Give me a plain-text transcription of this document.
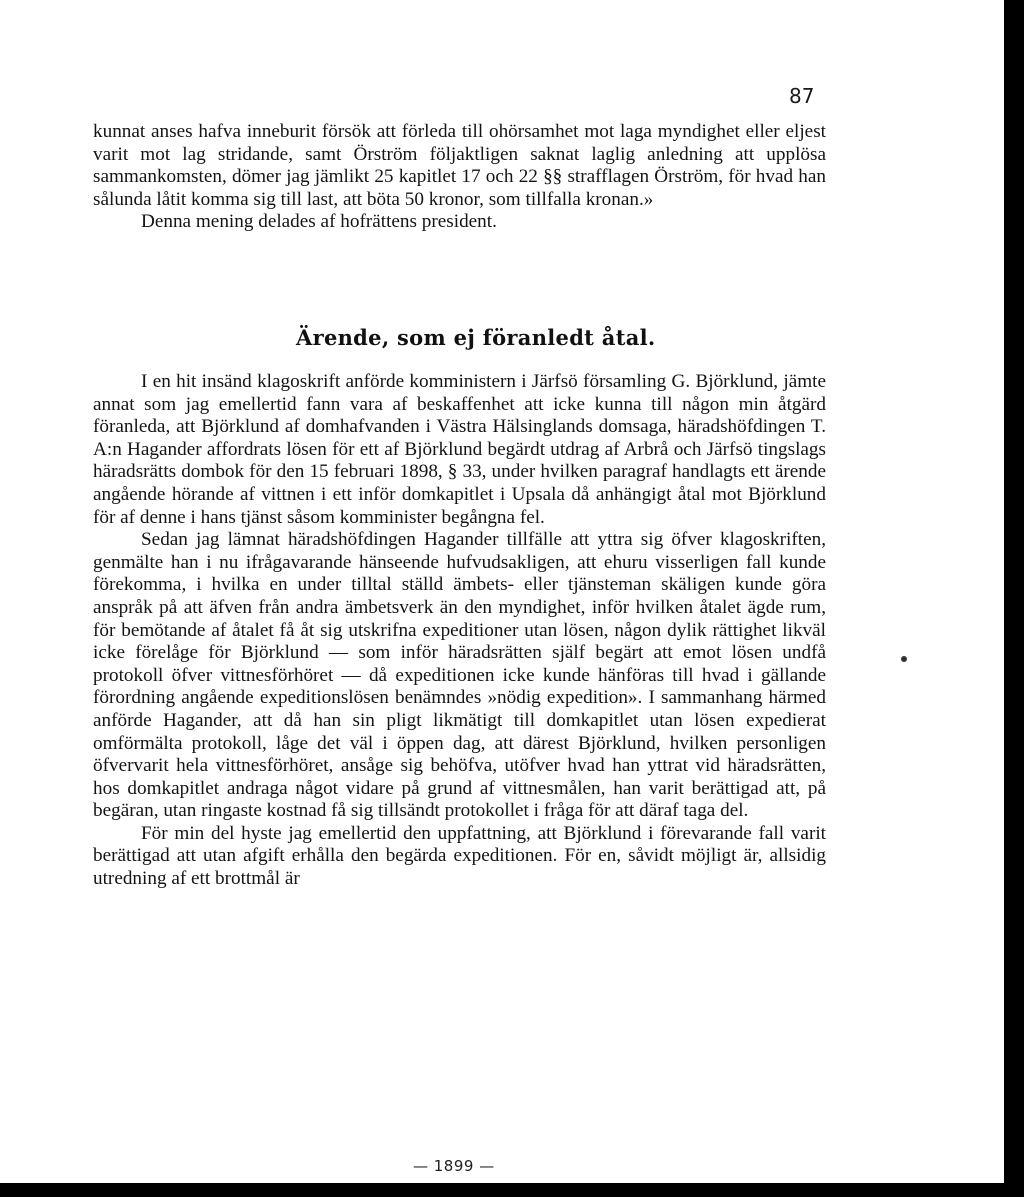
87

kunnat anses hafva inneburit försök att förleda till ohörsamhet mot laga myndighet eller eljest varit mot lag stridande, samt Örström följaktligen saknat laglig anledning att upplösa sammankomsten, dömer jag jämlikt 25 kapitlet 17 och 22 §§ strafflagen Örström, för hvad han sålunda låtit komma sig till last, att böta 50 kronor, som tillfalla kronan.»

Denna mening delades af hofrättens president.

Ärende, som ej föranledt åtal.

I en hit insänd klagoskrift anförde komministern i Järfsö församling G. Björklund, jämte annat som jag emellertid fann vara af beskaffenhet att icke kunna till någon min åtgärd föranleda, att Björklund af domhafvanden i Västra Hälsinglands domsaga, häradshöfdingen T. A:n Hagander affordrats lösen för ett af Björklund begärdt utdrag af Arbrå och Järfsö tingslags häradsrätts dombok för den 15 februari 1898, § 33, under hvilken paragraf handlagts ett ärende angående hörande af vittnen i ett inför domkapitlet i Upsala då anhängigt åtal mot Björklund för af denne i hans tjänst såsom komminister begångna fel.

Sedan jag lämnat häradshöfdingen Hagander tillfälle att yttra sig öfver klagoskriften, genmälte han i nu ifrågavarande hänseende hufvudsakligen, att ehuru visserligen fall kunde förekomma, i hvilka en under tilltal ställd ämbets- eller tjänsteman skäligen kunde göra anspråk på att äfven från andra ämbetsverk än den myndighet, inför hvilken åtalet ägde rum, för bemötande af åtalet få åt sig utskrifna expeditioner utan lösen, någon dylik rättighet likväl icke förelåge för Björklund — som inför häradsrätten själf begärt att emot lösen undfå protokoll öfver vittnesförhöret — då expeditionen icke kunde hänföras till hvad i gällande förordning angående expeditionslösen benämndes »nödig expedition». I sammanhang härmed anförde Hagander, att då han sin pligt likmätigt till domkapitlet utan lösen expedierat omförmälta protokoll, låge det väl i öppen dag, att därest Björklund, hvilken personligen öfvervarit hela vittnesförhöret, ansåge sig behöfva, utöfver hvad han yttrat vid häradsrätten, hos domkapitlet andraga något vidare på grund af vittnesmålen, han varit berättigad att, på begäran, utan ringaste kostnad få sig tillsändt protokollet i fråga för att däraf taga del.

För min del hyste jag emellertid den uppfattning, att Björklund i förevarande fall varit berättigad att utan afgift erhålla den begärda expeditionen. För en, såvidt möjligt är, allsidig utredning af ett brottmål är

— 1899 —
